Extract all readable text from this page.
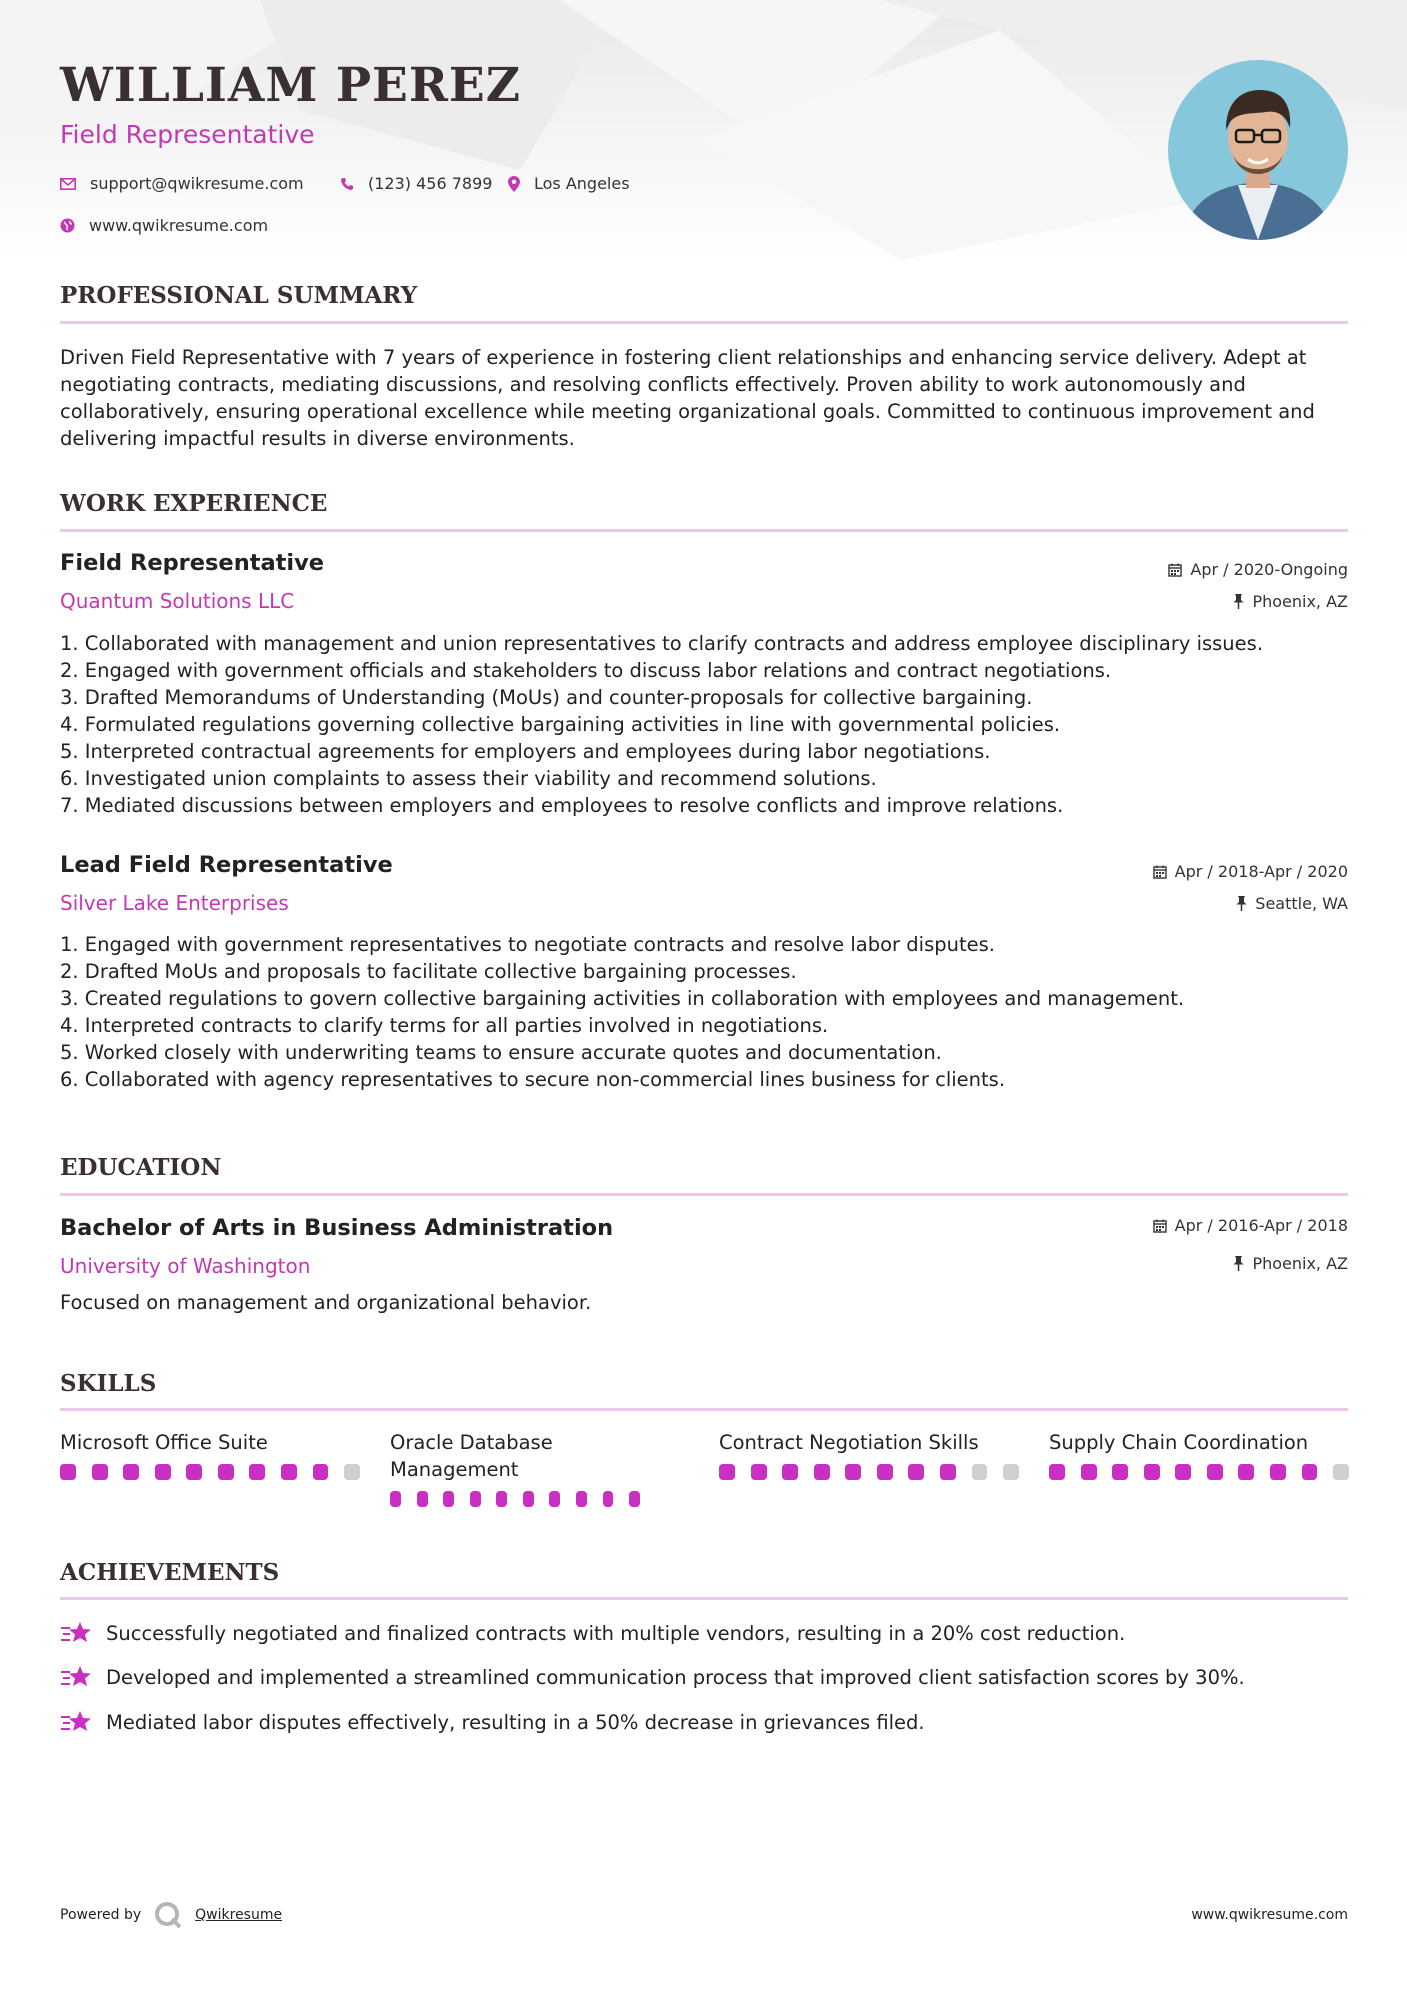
WILLIAM PEREZ
Field Representative
support@qwikresume.com	(123) 456 7899	Los Angeles
www.qwikresume.com
PROFESSIONAL SUMMARY

Driven Field Representative with 7 years of experience in fostering client relationships and enhancing service delivery. Adept at negotiating contracts, mediating discussions, and resolving conflicts effectively. Proven ability to work autonomously and collaboratively, ensuring operational excellence while meeting organizational goals. Committed to continuous improvement and delivering impactful results in diverse environments.

WORK EXPERIENCE
Field Representative
Quantum Solutions LLC
Apr / 2020-Ongoing
Phoenix, AZ
1. Collaborated with management and union representatives to clarify contracts and address employee disciplinary issues.
2. Engaged with government officials and stakeholders to discuss labor relations and contract negotiations.
3. Drafted Memorandums of Understanding (MoUs) and counter-proposals for collective bargaining.
4. Formulated regulations governing collective bargaining activities in line with governmental policies.
5. Interpreted contractual agreements for employers and employees during labor negotiations.
6. Investigated union complaints to assess their viability and recommend solutions.
7. Mediated discussions between employers and employees to resolve conflicts and improve relations.
Lead Field Representative
Silver Lake Enterprises
Apr / 2018-Apr / 2020
Seattle, WA
1. Engaged with government representatives to negotiate contracts and resolve labor disputes.
2. Drafted MoUs and proposals to facilitate collective bargaining processes.
3. Created regulations to govern collective bargaining activities in collaboration with employees and management.
4. Interpreted contracts to clarify terms for all parties involved in negotiations.
5. Worked closely with underwriting teams to ensure accurate quotes and documentation.
6. Collaborated with agency representatives to secure non-commercial lines business for clients.
EDUCATION
Bachelor of Arts in Business Administration
University of Washington
Apr / 2016-Apr / 2018
Phoenix, AZ

Focused on management and organizational behavior.

SKILLS
Microsoft Office Suite	Oracle Database Management
Contract Negotiation Skills	Supply Chain Coordination
ACHIEVEMENTS
Successfully negotiated and finalized contracts with multiple vendors, resulting in a 20% cost reduction.
Developed and implemented a streamlined communication process that improved client satisfaction scores by 30%.
Mediated labor disputes effectively, resulting in a 50% decrease in grievances filed.
Powered by	Qwikresume	www.qwikresume.com
